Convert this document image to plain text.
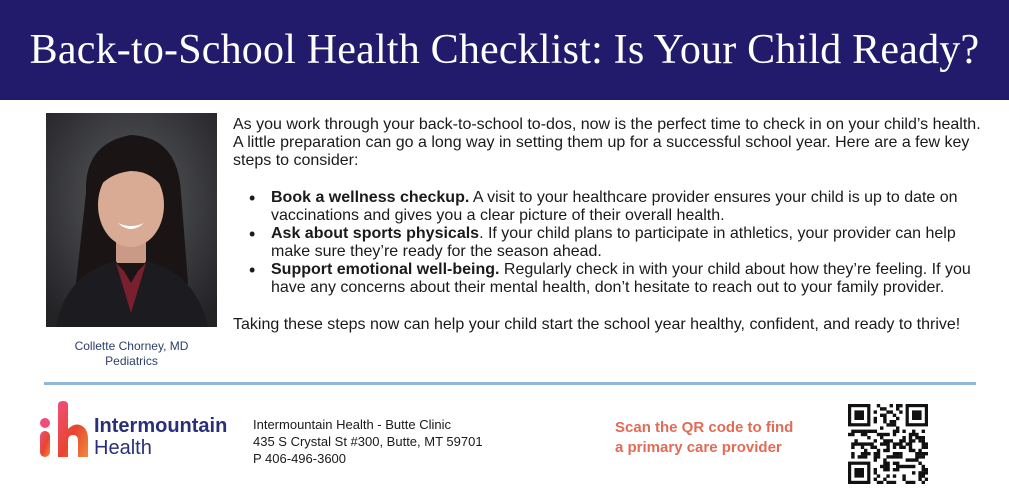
Back-to-School Health Checklist: Is Your Child Ready?
Collette Chorney, MD
Pediatrics

As you work through your back-to-school to-dos, now is the perfect time to check in on your child’s health. A little preparation can go a long way in setting them up for a successful school year. Here are a few key steps to consider:

• Book a wellness checkup. A visit to your healthcare provider ensures your child is up to date on vaccinations and gives you a clear picture of their overall health.
• Ask about sports physicals. If your child plans to participate in athletics, your provider can help make sure they’re ready for the season ahead.
• Support emotional well-being. Regularly check in with your child about how they’re feeling. If you have any concerns about their mental health, don’t hesitate to reach out to your family provider.

Taking these steps now can help your child start the school year healthy, confident, and ready to thrive!

Intermountain
Health
Intermountain Health - Butte Clinic
435 S Crystal St #300, Butte, MT 59701
P 406-496-3600
Scan the QR code to find
a primary care provider
